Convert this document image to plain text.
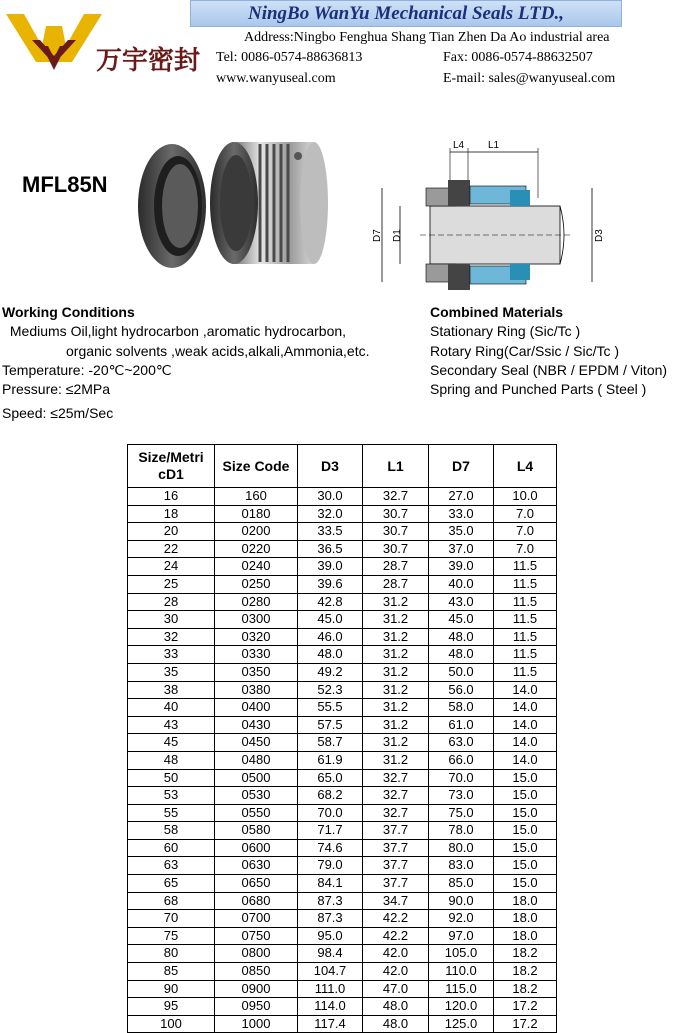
万宇密封
NingBo WanYu Mechanical Seals LTD.,
Address:Ningbo Fenghua Shang Tian Zhen Da Ao industrial area
Tel: 0086-0574-88636813	Fax: 0086-0574-88632507
www.wanyuseal.com	E-mail: sales@wanyuseal.com
MFL85N
L4 L1
D7 D1	D3
Working Conditions
Mediums Oil,light hydrocarbon ,aromatic hydrocarbon,
organic solvents ,weak acids,alkali,Ammonia,etc.
Temperature: -20℃~200℃
Pressure: ≤2MPa
Speed: ≤25m/Sec
Combined Materials
Stationary Ring (Sic/Tc )
Rotary Ring(Car/Ssic / Sic/Tc )
Secondary Seal (NBR / EPDM / Viton)
Spring and Punched Parts ( Steel )
Size/Metri
cD1	Size Code	D3	L1	D7	L4
16	160	30.0	32.7	27.0	10.0
18	0180	32.0	30.7	33.0	7.0
20	0200	33.5	30.7	35.0	7.0
22	0220	36.5	30.7	37.0	7.0
24	0240	39.0	28.7	39.0	11.5
25	0250	39.6	28.7	40.0	11.5
28	0280	42.8	31.2	43.0	11.5
30	0300	45.0	31.2	45.0	11.5
32	0320	46.0	31.2	48.0	11.5
33	0330	48.0	31.2	48.0	11.5
35	0350	49.2	31.2	50.0	11.5
38	0380	52.3	31.2	56.0	14.0
40	0400	55.5	31.2	58.0	14.0
43	0430	57.5	31.2	61.0	14.0
45	0450	58.7	31.2	63.0	14.0
48	0480	61.9	31.2	66.0	14.0
50	0500	65.0	32.7	70.0	15.0
53	0530	68.2	32.7	73.0	15.0
55	0550	70.0	32.7	75.0	15.0
58	0580	71.7	37.7	78.0	15.0
60	0600	74.6	37.7	80.0	15.0
63	0630	79.0	37.7	83.0	15.0
65	0650	84.1	37.7	85.0	15.0
68	0680	87.3	34.7	90.0	18.0
70	0700	87.3	42.2	92.0	18.0
75	0750	95.0	42.2	97.0	18.0
80	0800	98.4	42.0	105.0	18.2
85	0850	104.7	42.0	110.0	18.2
90	0900	111.0	47.0	115.0	18.2
95	0950	114.0	48.0	120.0	17.2
100	1000	117.4	48.0	125.0	17.2
